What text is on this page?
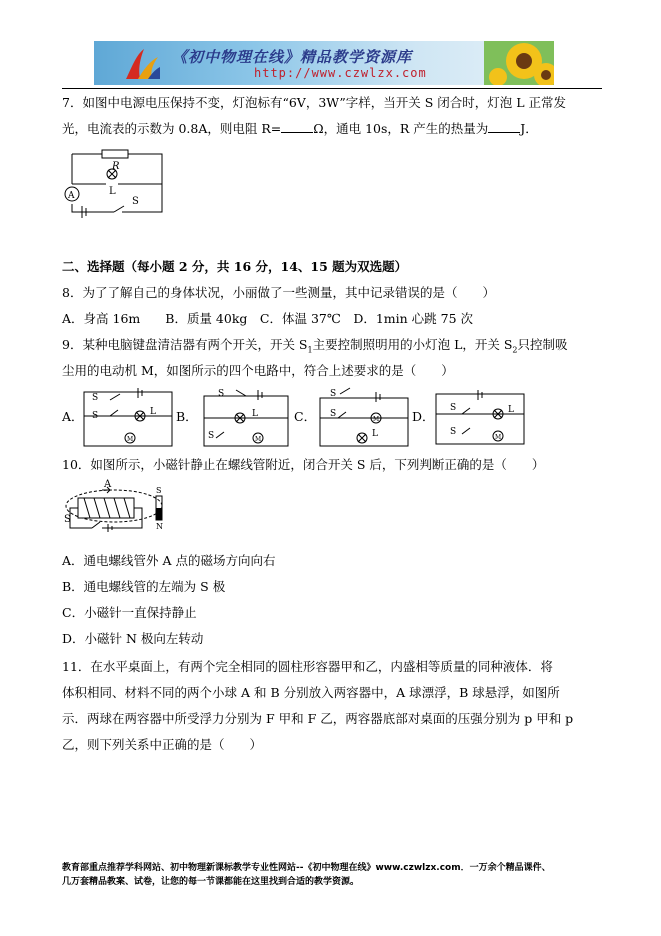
《初中物理在线》精品教学资源库
http://www.czwlzx.com
7．如图中电源电压保持不变，灯泡标有“6V，3W”字样，当开关 S 闭合时，灯泡 L 正常发
光，电流表的示数为 0.8A，则电阻 R=	Ω，通电 10s，R 产生的热量为	J．
R
L
A	S
二、选择题（每小题 2 分，共 16 分，14、15 题为双选题）
8．为了了解自己的身体状况，小丽做了一些测量，其中记录错误的是（　　）
A．身高 16m　　B．质量 40kg　C．体温 37℃　D．1min 心跳 75 次
9．某种电脑键盘清洁器有两个开关，开关 $S_1$主要控制照明用的小灯泡 L，开关 $S_2$只控制吸
尘用的电动机 M，如图所示的四个电路中，符合上述要求的是（　　）
A．
S
S	L
M
B．
S
L
S	M
C．
S
S
M
L
D．
S	L
S
M
10．如图所示，小磁针静止在螺线管附近，闭合开关 S 后，下列判断正确的是（　　）
A
S
N
S
A．通电螺线管外 A 点的磁场方向向右
B．通电螺线管的左端为 S 极
C．小磁针一直保持静止
D．小磁针 N 极向左转动
11．在水平桌面上，有两个完全相同的圆柱形容器甲和乙，内盛相等质量的同种液体．将
体积相同、材料不同的两个小球 A 和 B 分别放入两容器中，A 球漂浮，B 球悬浮，如图所
示．两球在两容器中所受浮力分别为 F 甲和 F 乙，两容器底部对桌面的压强分别为 p 甲和 p
乙，则下列关系中正确的是（　　）
教育部重点推荐学科网站、初中物理新课标教学专业性网站--《初中物理在线》www.czwlzx.com．一万余个精品课件、
几万套精品教案、试卷，让您的每一节课都能在这里找到合适的教学资源。
